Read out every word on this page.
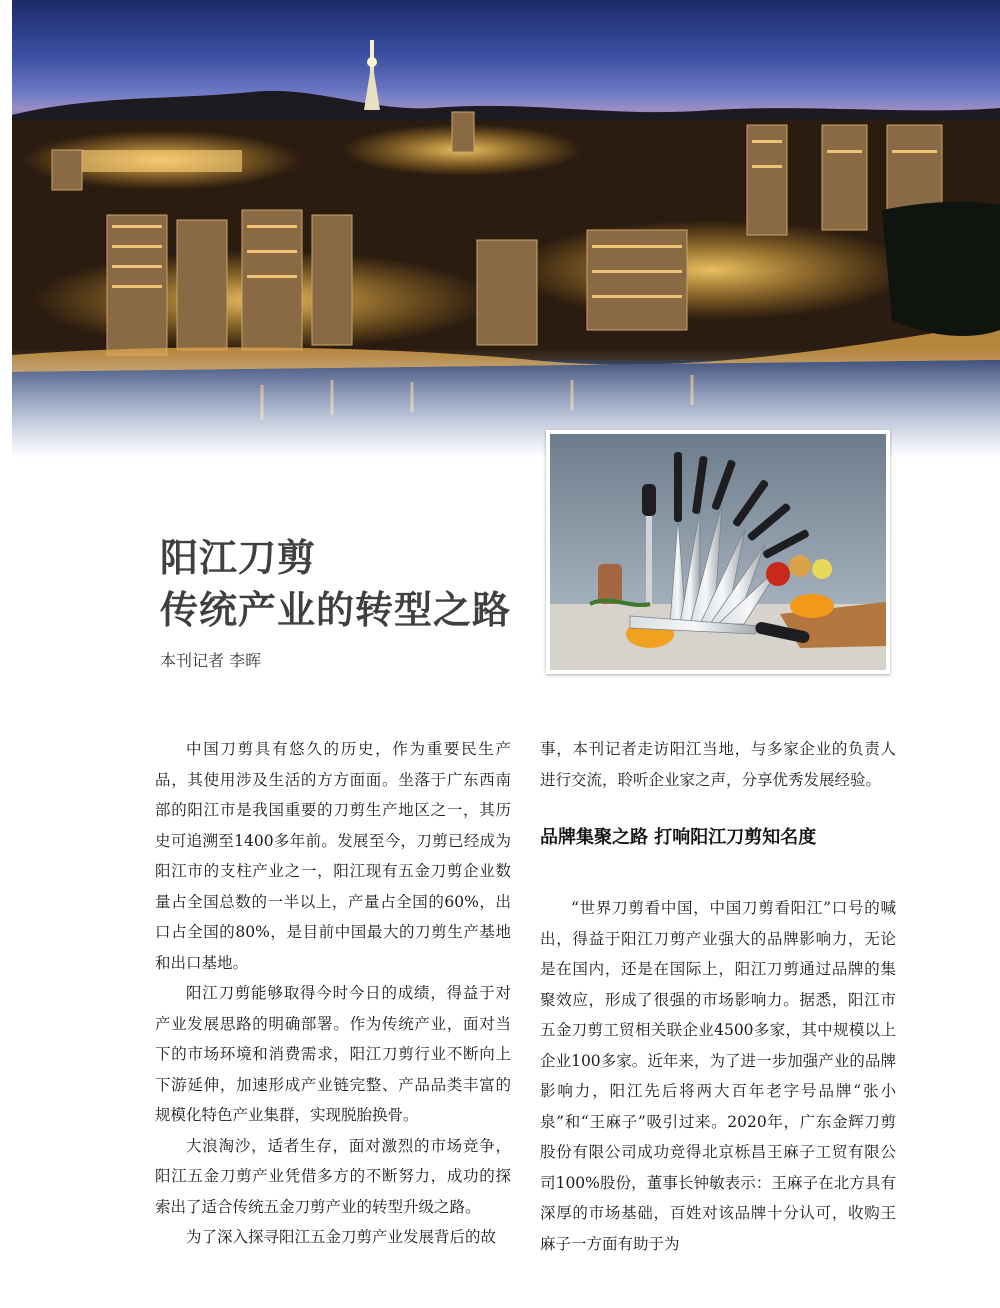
阳江刀剪
传统产业的转型之路
本刊记者 李晖

中国刀剪具有悠久的历史，作为重要民生产品，其使用涉及生活的方方面面。坐落于广东西南部的阳江市是我国重要的刀剪生产地区之一，其历史可追溯至1400多年前。发展至今，刀剪已经成为阳江市的支柱产业之一，阳江现有五金刀剪企业数量占全国总数的一半以上，产量占全国的60%，出口占全国的80%，是目前中国最大的刀剪生产基地和出口基地。

阳江刀剪能够取得今时今日的成绩，得益于对产业发展思路的明确部署。作为传统产业，面对当下的市场环境和消费需求，阳江刀剪行业不断向上下游延伸，加速形成产业链完整、产品品类丰富的规模化特色产业集群，实现脱胎换骨。

大浪淘沙，适者生存，面对激烈的市场竞争，阳江五金刀剪产业凭借多方的不断努力，成功的探索出了适合传统五金刀剪产业的转型升级之路。

为了深入探寻阳江五金刀剪产业发展背后的故

事，本刊记者走访阳江当地，与多家企业的负责人进行交流，聆听企业家之声，分享优秀发展经验。

品牌集聚之路 打响阳江刀剪知名度

“世界刀剪看中国，中国刀剪看阳江”口号的喊出，得益于阳江刀剪产业强大的品牌影响力，无论是在国内，还是在国际上，阳江刀剪通过品牌的集聚效应，形成了很强的市场影响力。据悉，阳江市五金刀剪工贸相关联企业4500多家，其中规模以上企业100多家。近年来，为了进一步加强产业的品牌影响力，阳江先后将两大百年老字号品牌“张小泉”和“王麻子”吸引过来。2020年，广东金辉刀剪股份有限公司成功竞得北京栎昌王麻子工贸有限公司100%股份，董事长钟敏表示：王麻子在北方具有深厚的市场基础，百姓对该品牌十分认可，收购王麻子一方面有助于为
